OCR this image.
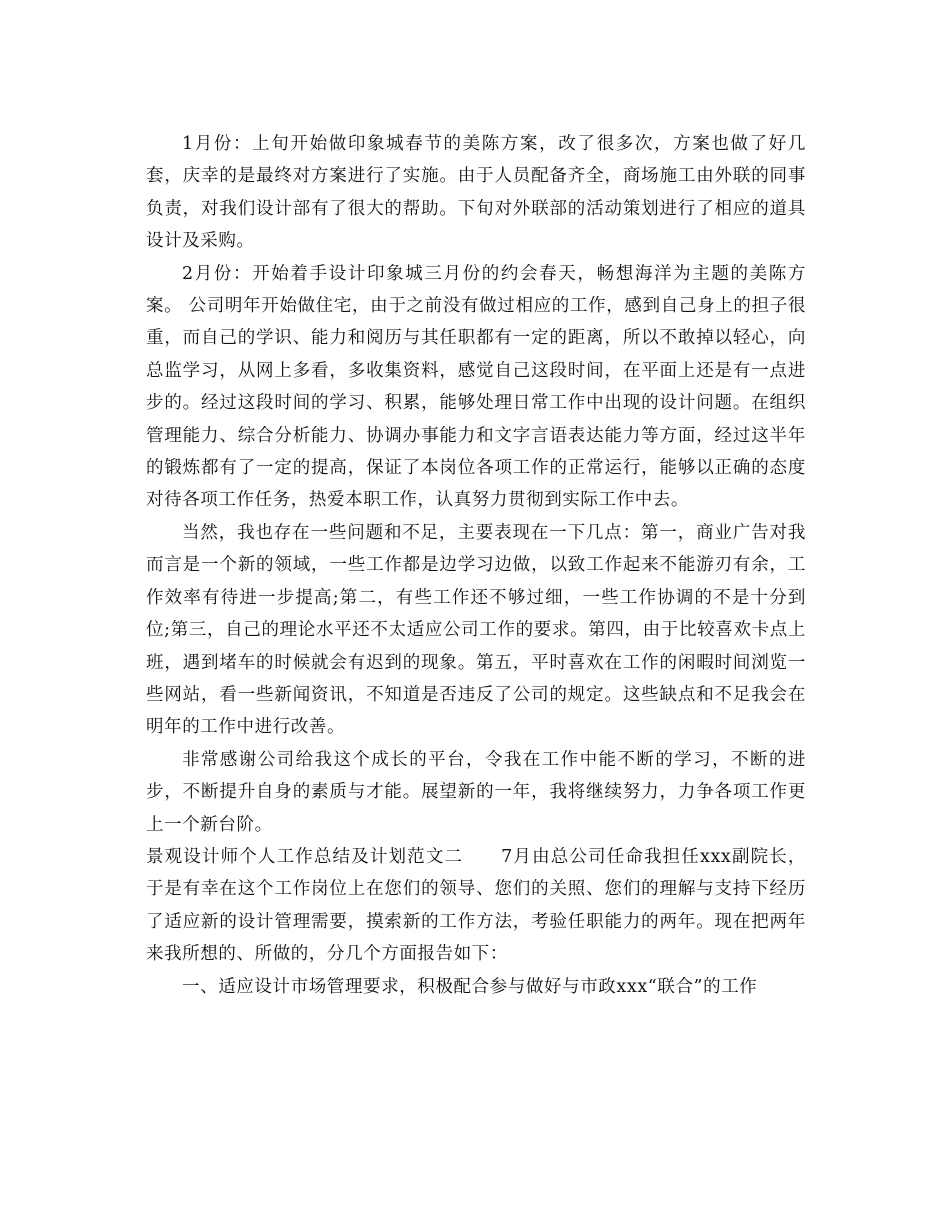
1月份：上旬开始做印象城春节的美陈方案，改了很多次，方案也做了好几套，庆幸的是最终对方案进行了实施。由于人员配备齐全，商场施工由外联的同事负责，对我们设计部有了很大的帮助。下旬对外联部的活动策划进行了相应的道具设计及采购。

2月份：开始着手设计印象城三月份的约会春天，畅想海洋为主题的美陈方案。 公司明年开始做住宅，由于之前没有做过相应的工作，感到自己身上的担子很重，而自己的学识、能力和阅历与其任职都有一定的距离，所以不敢掉以轻心，向总监学习，从网上多看，多收集资料，感觉自己这段时间，在平面上还是有一点进步的。经过这段时间的学习、积累，能够处理日常工作中出现的设计问题。在组织管理能力、综合分析能力、协调办事能力和文字言语表达能力等方面，经过这半年的锻炼都有了一定的提高，保证了本岗位各项工作的正常运行，能够以正确的态度对待各项工作任务，热爱本职工作，认真努力贯彻到实际工作中去。

当然，我也存在一些问题和不足，主要表现在一下几点：第一，商业广告对我而言是一个新的领域，一些工作都是边学习边做，以致工作起来不能游刃有余，工作效率有待进一步提高;第二，有些工作还不够过细，一些工作协调的不是十分到位;第三，自己的理论水平还不太适应公司工作的要求。第四，由于比较喜欢卡点上班，遇到堵车的时候就会有迟到的现象。第五，平时喜欢在工作的闲暇时间浏览一些网站，看一些新闻资讯，不知道是否违反了公司的规定。这些缺点和不足我会在明年的工作中进行改善。

非常感谢公司给我这个成长的平台，令我在工作中能不断的学习，不断的进步，不断提升自身的素质与才能。展望新的一年，我将继续努力，力争各项工作更上一个新台阶。

景观设计师个人工作总结及计划范文二 7月由总公司任命我担任xxx副院长，于是有幸在这个工作岗位上在您们的领导、您们的关照、您们的理解与支持下经历了适应新的设计管理需要，摸索新的工作方法，考验任职能力的两年。现在把两年来我所想的、所做的，分几个方面报告如下：

一、适应设计市场管理要求，积极配合参与做好与市政xxx“联合”的工作
